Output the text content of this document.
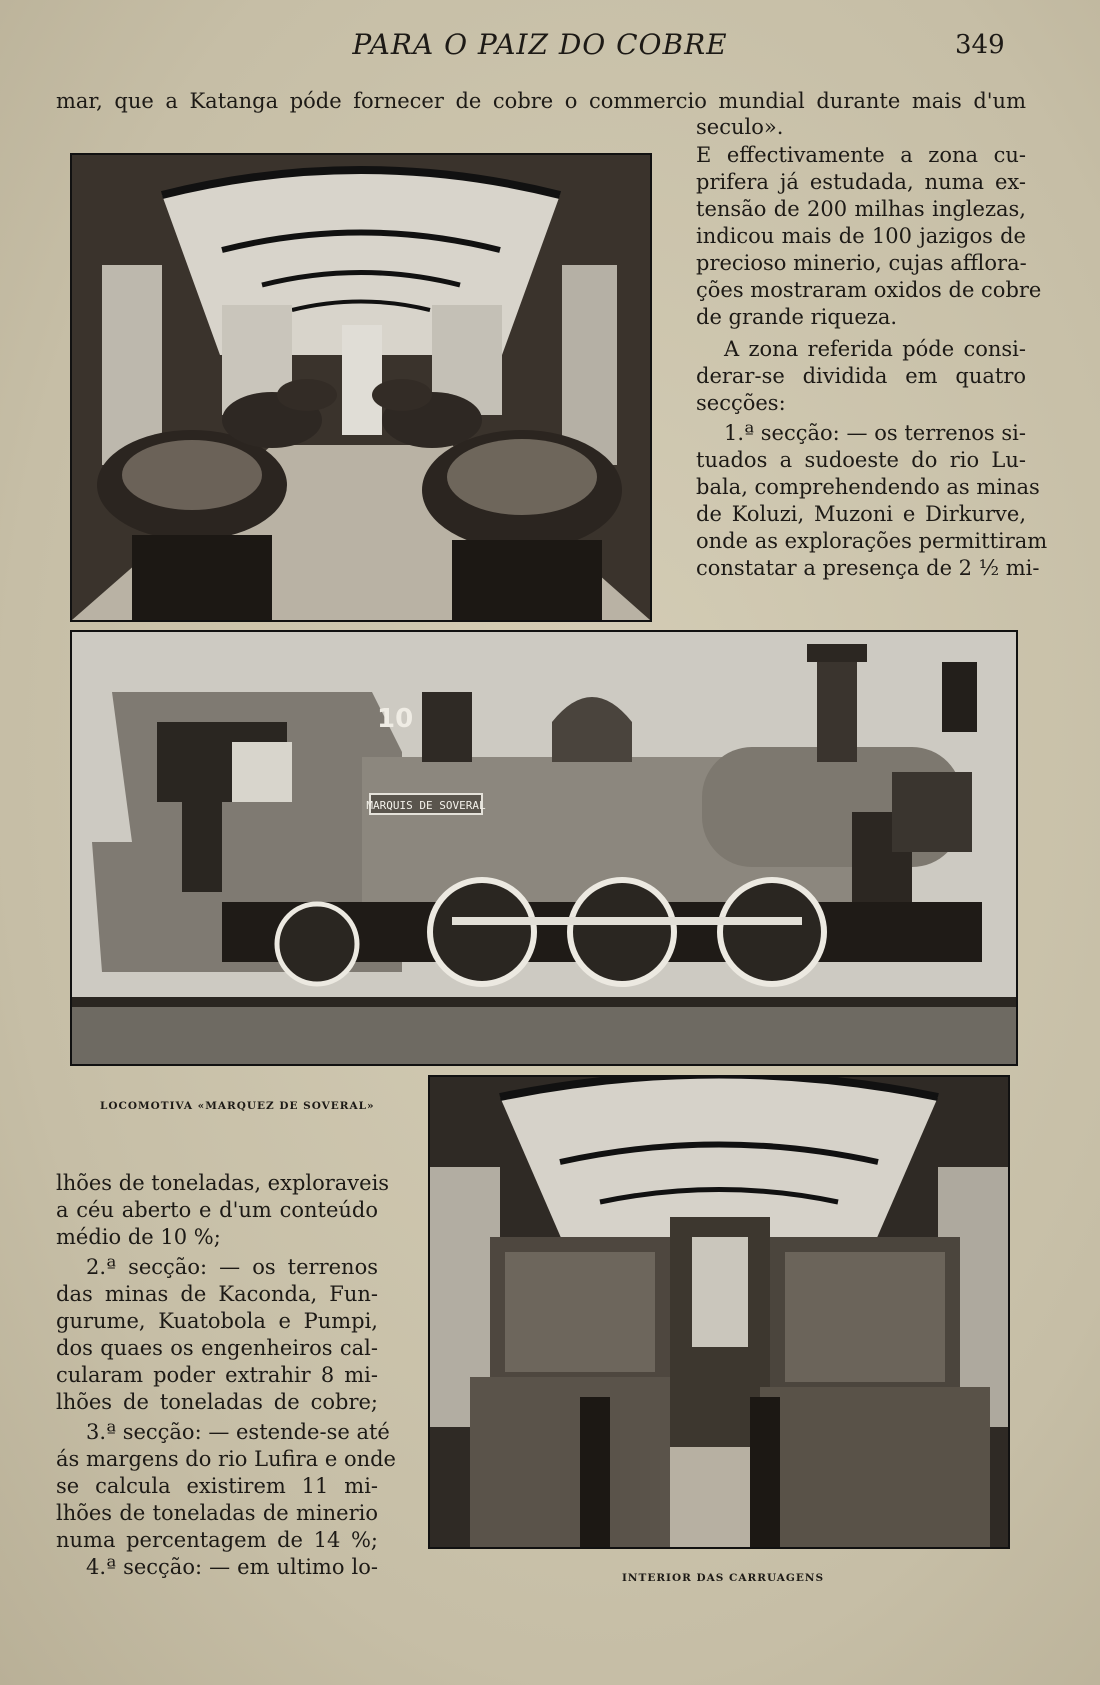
PARA O PAIZ DO COBRE	349
mar, que a Katanga póde fornecer de cobre o commercio mundial durante mais d'um
seculo».
E effectivamente a zona cu-
prifera já estudada, numa ex-
tensão de 200 milhas inglezas,
indicou mais de 100 jazigos de
precioso minerio, cujas afflora-
ções mostraram oxidos de cobre
de grande riqueza.
A zona referida póde consi-
derar-se dividida em quatro
secções:
1.ª secção: — os terrenos si-
tuados a sudoeste do rio Lu-
bala, comprehendendo as minas
de Koluzi, Muzoni e Dirkurve,
onde as explorações permittiram
constatar a presença de 2 ½ mi-
MARQUIS DE SOVERAL
10
LOCOMOTIVA «MARQUEZ DE SOVERAL»
lhões de toneladas, exploraveis
a céu aberto e d'um conteúdo
médio de 10 %;
2.ª secção: — os terrenos
das minas de Kaconda, Fun-
gurume, Kuatobola e Pumpi,
dos quaes os engenheiros cal-
cularam poder extrahir 8 mi-
lhões de toneladas de cobre;
3.ª secção: — estende-se até
ás margens do rio Lufira e onde
se calcula existirem 11 mi-
lhões de toneladas de minerio
numa percentagem de 14 %;
4.ª secção: — em ultimo lo-	INTERIOR DAS CARRUAGENS
